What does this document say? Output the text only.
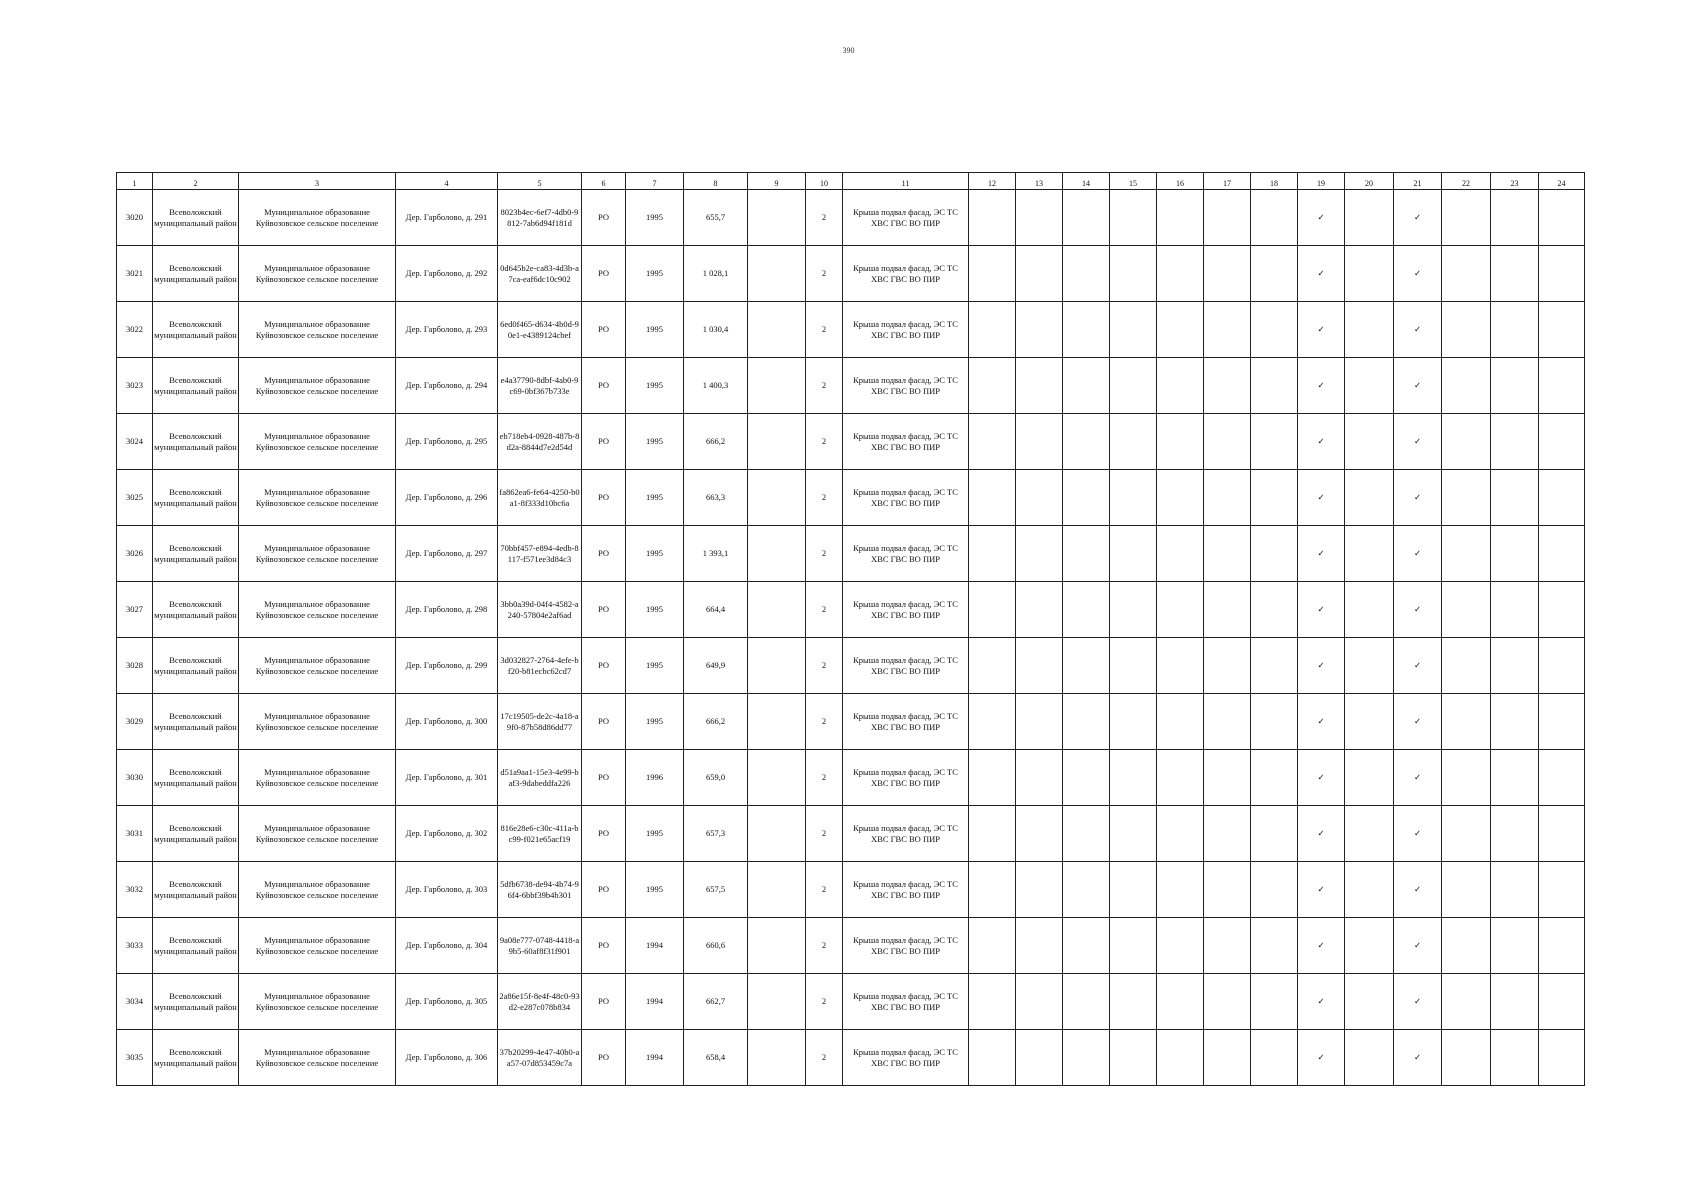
390
1	2	3	4	5	6	7	8	9	10	11	12	13	14	15	16	17	18	19	20	21	22	23	24
3020	Всеволожский муниципальный район	Муниципальное образование Куйвозовское сельское поселение	Дер. Гарболово, д. 291	8023b4ec-6ef7-4db0-9812-7ab6d94f181d	РО	1995	655,7		2	Крыша подвал фасад, ЭС ТС ХВС ГВС ВО ПИР								✓		✓			
3021	Всеволожский муниципальный район	Муниципальное образование Куйвозовское сельское поселение	Дер. Гарболово, д. 292	0d645b2e-ca83-4d3b-a7ca-eaf6dc10c902	РО	1995	1 028,1		2	Крыша подвал фасад, ЭС ТС ХВС ГВС ВО ПИР								✓		✓			
3022	Всеволожский муниципальный район	Муниципальное образование Куйвозовское сельское поселение	Дер. Гарболово, д. 293	6ed0f465-d634-4b0d-90e1-e4389124cbef	РО	1995	1 030,4		2	Крыша подвал фасад, ЭС ТС ХВС ГВС ВО ПИР								✓		✓			
3023	Всеволожский муниципальный район	Муниципальное образование Куйвозовское сельское поселение	Дер. Гарболово, д. 294	e4a37790-8dbf-4ab0-9c69-0bf367b733e	РО	1995	1 400,3		2	Крыша подвал фасад, ЭС ТС ХВС ГВС ВО ПИР								✓		✓			
3024	Всеволожский муниципальный район	Муниципальное образование Куйвозовское сельское поселение	Дер. Гарболово, д. 295	eb718eb4-0928-487b-8d2a-8844d7e2d54d	РО	1995	666,2		2	Крыша подвал фасад, ЭС ТС ХВС ГВС ВО ПИР								✓		✓			
3025	Всеволожский муниципальный район	Муниципальное образование Куйвозовское сельское поселение	Дер. Гарболово, д. 296	fa862ea6-fe64-4250-b0a1-8f333d10bc6a	РО	1995	663,3		2	Крыша подвал фасад, ЭС ТС ХВС ГВС ВО ПИР								✓		✓			
3026	Всеволожский муниципальный район	Муниципальное образование Куйвозовское сельское поселение	Дер. Гарболово, д. 297	70bbf457-e894-4edb-8117-f571ee3d84c3	РО	1995	1 393,1		2	Крыша подвал фасад, ЭС ТС ХВС ГВС ВО ПИР								✓		✓			
3027	Всеволожский муниципальный район	Муниципальное образование Куйвозовское сельское поселение	Дер. Гарболово, д. 298	3bb0a39d-04f4-4582-a240-57804e2af6ad	РО	1995	664,4		2	Крыша подвал фасад, ЭС ТС ХВС ГВС ВО ПИР								✓		✓			
3028	Всеволожский муниципальный район	Муниципальное образование Куйвозовское сельское поселение	Дер. Гарболово, д. 299	3d032827-2764-4efe-bf20-b81ecbc62cd7	РО	1995	649,9		2	Крыша подвал фасад, ЭС ТС ХВС ГВС ВО ПИР								✓		✓			
3029	Всеволожский муниципальный район	Муниципальное образование Куйвозовское сельское поселение	Дер. Гарболово, д. 300	17c19505-de2c-4a18-a9f0-87b58d86dd77	РО	1995	666,2		2	Крыша подвал фасад, ЭС ТС ХВС ГВС ВО ПИР								✓		✓			
3030	Всеволожский муниципальный район	Муниципальное образование Куйвозовское сельское поселение	Дер. Гарболово, д. 301	d51a9aa1-15e3-4e99-baf3-9dabeddfa226	РО	1996	659,0		2	Крыша подвал фасад, ЭС ТС ХВС ГВС ВО ПИР								✓		✓			
3031	Всеволожский муниципальный район	Муниципальное образование Куйвозовское сельское поселение	Дер. Гарболово, д. 302	816e28e6-c30c-411a-bc99-f021e65acf19	РО	1995	657,3		2	Крыша подвал фасад, ЭС ТС ХВС ГВС ВО ПИР								✓		✓			
3032	Всеволожский муниципальный район	Муниципальное образование Куйвозовское сельское поселение	Дер. Гарболово, д. 303	5dfb6738-de94-4b74-96f4-6bbf39b4b301	РО	1995	657,5		2	Крыша подвал фасад, ЭС ТС ХВС ГВС ВО ПИР								✓		✓			
3033	Всеволожский муниципальный район	Муниципальное образование Куйвозовское сельское поселение	Дер. Гарболово, д. 304	9a08e777-0748-4418-a9b5-60af8f31f901	РО	1994	660,6		2	Крыша подвал фасад, ЭС ТС ХВС ГВС ВО ПИР								✓		✓			
3034	Всеволожский муниципальный район	Муниципальное образование Куйвозовское сельское поселение	Дер. Гарболово, д. 305	2a86e15f-8e4f-48c0-93d2-e287c078b834	РО	1994	662,7		2	Крыша подвал фасад, ЭС ТС ХВС ГВС ВО ПИР								✓		✓			
3035	Всеволожский муниципальный район	Муниципальное образование Куйвозовское сельское поселение	Дер. Гарболово, д. 306	37b20299-4e47-40b0-aa57-07d853459c7a	РО	1994	658,4		2	Крыша подвал фасад, ЭС ТС ХВС ГВС ВО ПИР								✓		✓			
